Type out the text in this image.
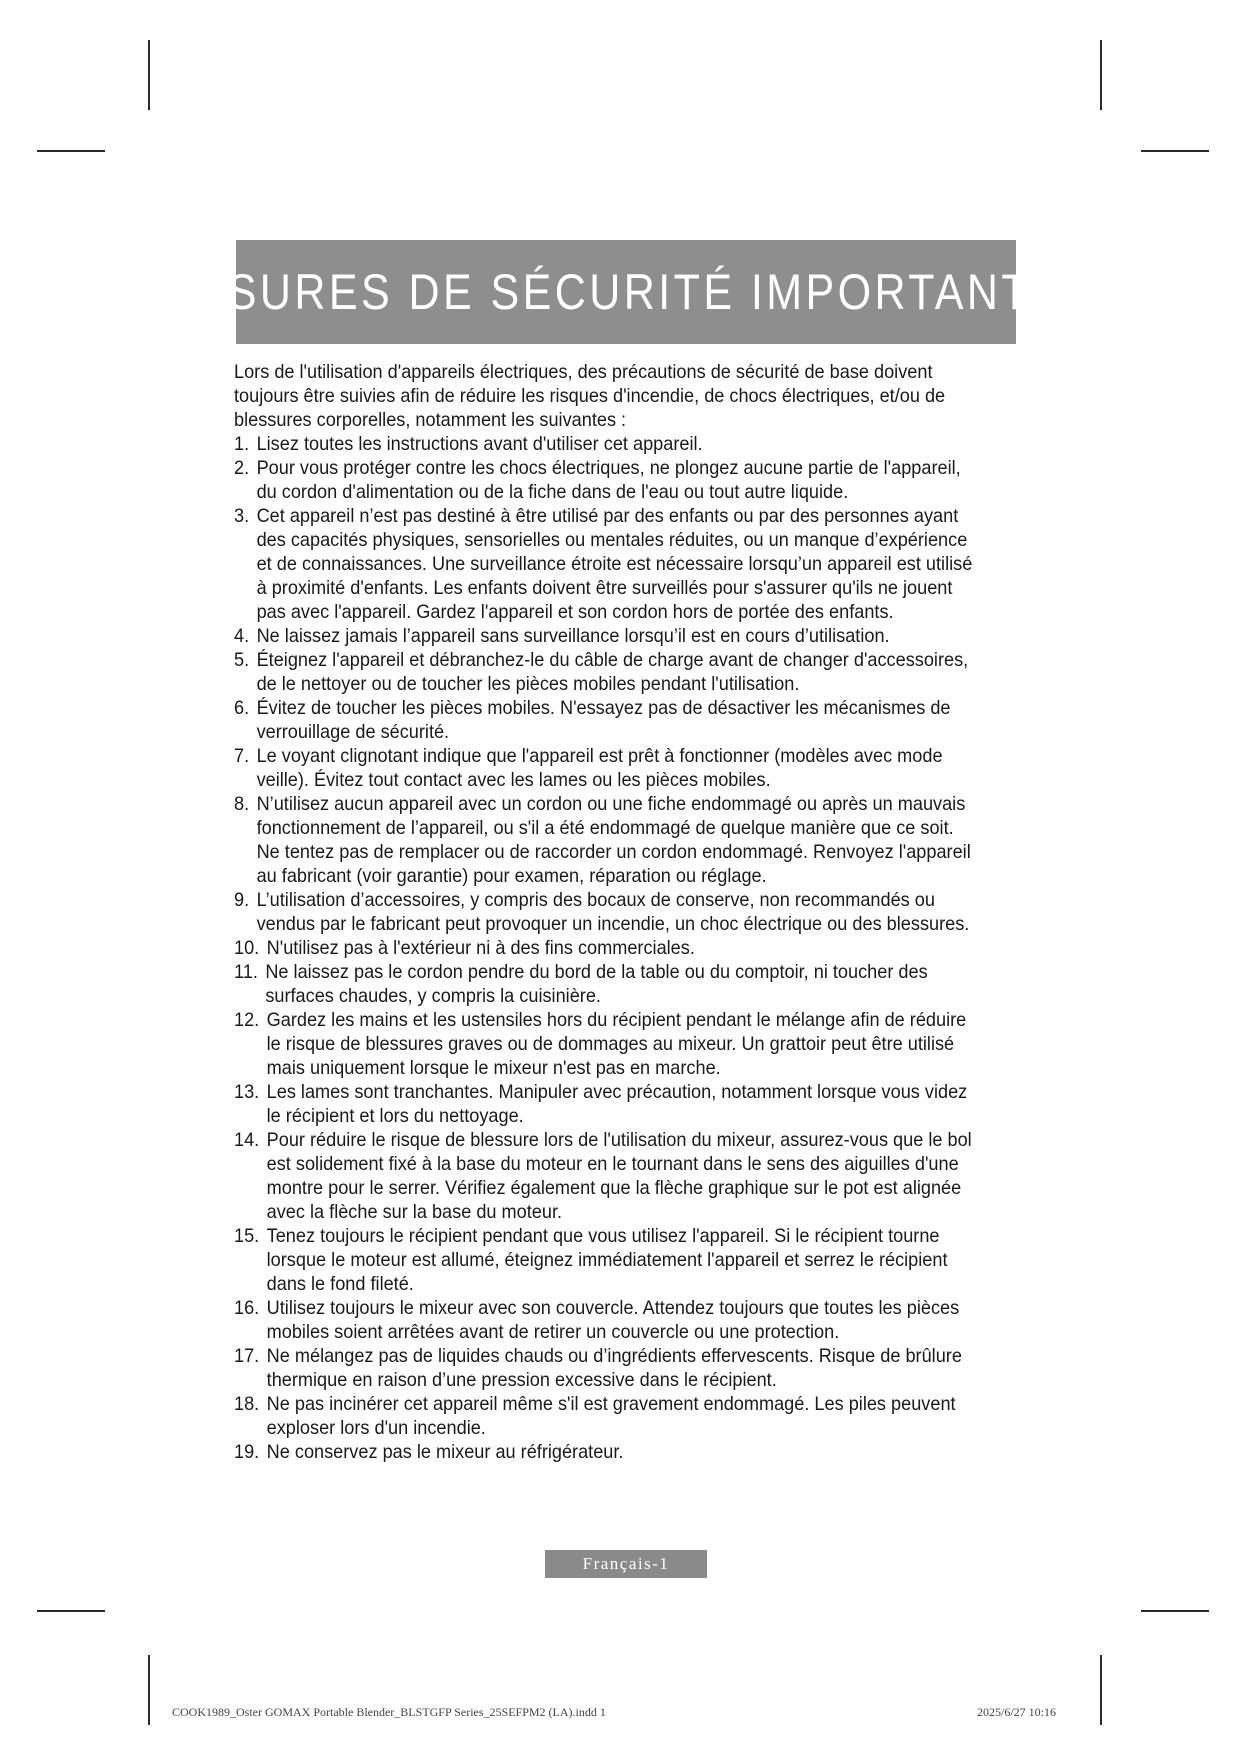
MESURES DE SÉCURITÉ IMPORTANTES

Lors de l'utilisation d'appareils électriques, des précautions de sécurité de base doivent toujours être suivies afin de réduire les risques d'incendie, de chocs électriques, et/ou de blessures corporelles, notamment les suivantes :

1. Lisez toutes les instructions avant d'utiliser cet appareil.
2. Pour vous protéger contre les chocs électriques, ne plongez aucune partie de l'appareil, du cordon d'alimentation ou de la fiche dans de l'eau ou tout autre liquide.
3. Cet appareil n’est pas destiné à être utilisé par des enfants ou par des personnes ayant des capacités physiques, sensorielles ou mentales réduites, ou un manque d’expérience et de connaissances. Une surveillance étroite est nécessaire lorsqu’un appareil est utilisé à proximité d'enfants. Les enfants doivent être surveillés pour s'assurer qu'ils ne jouent pas avec l'appareil. Gardez l'appareil et son cordon hors de portée des enfants.
4. Ne laissez jamais l’appareil sans surveillance lorsqu’il est en cours d’utilisation.
5. Éteignez l'appareil et débranchez-le du câble de charge avant de changer d'accessoires, de le nettoyer ou de toucher les pièces mobiles pendant l'utilisation.
6. Évitez de toucher les pièces mobiles. N'essayez pas de désactiver les mécanismes de verrouillage de sécurité.
7. Le voyant clignotant indique que l'appareil est prêt à fonctionner (modèles avec mode veille). Évitez tout contact avec les lames ou les pièces mobiles.
8. N’utilisez aucun appareil avec un cordon ou une fiche endommagé ou après un mauvais fonctionnement de l’appareil, ou s'il a été endommagé de quelque manière que ce soit. Ne tentez pas de remplacer ou de raccorder un cordon endommagé. Renvoyez l'appareil au fabricant (voir garantie) pour examen, réparation ou réglage.
9. L’utilisation d’accessoires, y compris des bocaux de conserve, non recommandés ou vendus par le fabricant peut provoquer un incendie, un choc électrique ou des blessures.
10. N'utilisez pas à l'extérieur ni à des fins commerciales.
11. Ne laissez pas le cordon pendre du bord de la table ou du comptoir, ni toucher des surfaces chaudes, y compris la cuisinière.
12. Gardez les mains et les ustensiles hors du récipient pendant le mélange afin de réduire le risque de blessures graves ou de dommages au mixeur. Un grattoir peut être utilisé mais uniquement lorsque le mixeur n'est pas en marche.
13. Les lames sont tranchantes. Manipuler avec précaution, notamment lorsque vous videz le récipient et lors du nettoyage.
14. Pour réduire le risque de blessure lors de l'utilisation du mixeur, assurez-vous que le bol est solidement fixé à la base du moteur en le tournant dans le sens des aiguilles d'une montre pour le serrer. Vérifiez également que la flèche graphique sur le pot est alignée avec la flèche sur la base du moteur.
15. Tenez toujours le récipient pendant que vous utilisez l'appareil. Si le récipient tourne lorsque le moteur est allumé, éteignez immédiatement l'appareil et serrez le récipient dans le fond fileté.
16. Utilisez toujours le mixeur avec son couvercle. Attendez toujours que toutes les pièces mobiles soient arrêtées avant de retirer un couvercle ou une protection.
17. Ne mélangez pas de liquides chauds ou d’ingrédients effervescents. Risque de brûlure thermique en raison d’une pression excessive dans le récipient.
18. Ne pas incinérer cet appareil même s'il est gravement endommagé. Les piles peuvent exploser lors d'un incendie.
19. Ne conservez pas le mixeur au réfrigérateur.
Français-1
COOK1989_Oster GOMAX Portable Blender_BLSTGFP Series_25SEFPM2 (LA).indd 1	2025/6/27 10:16
